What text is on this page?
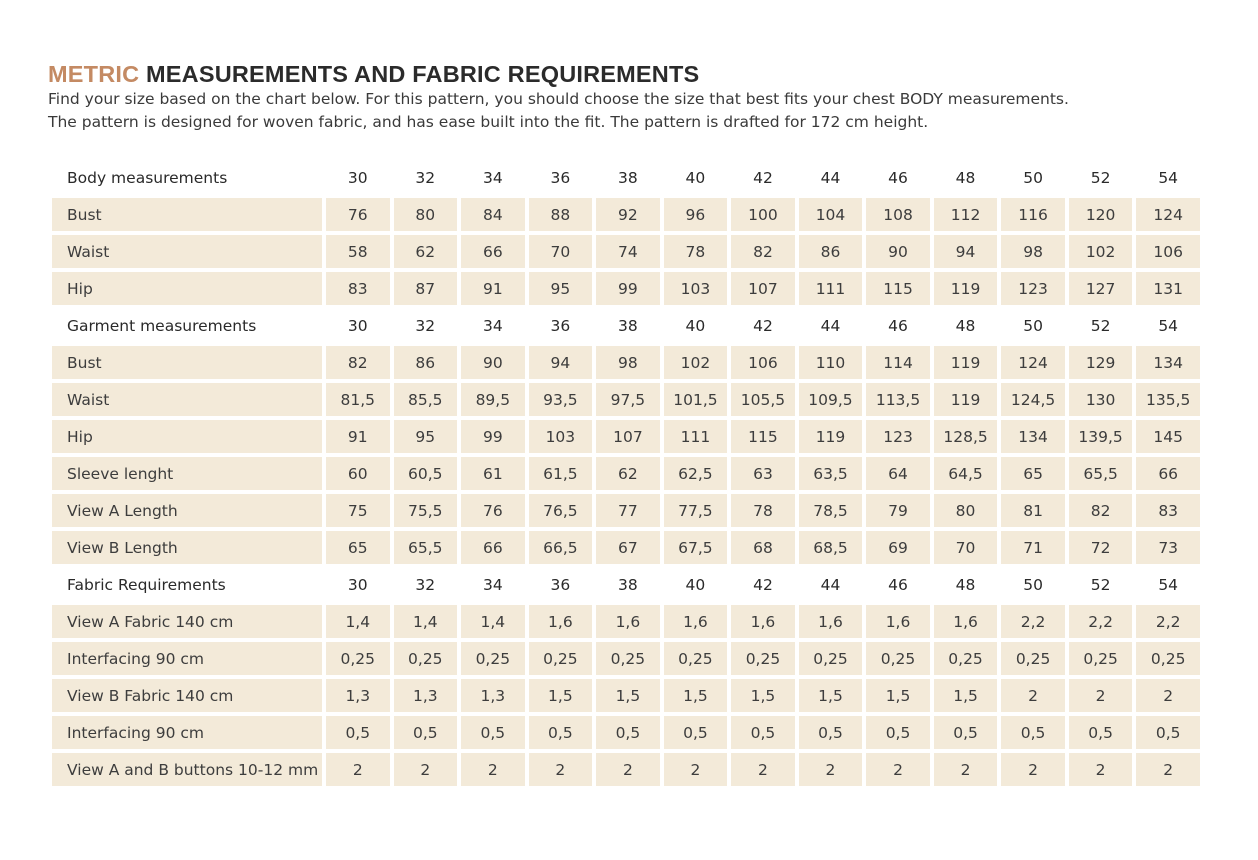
METRIC MEASUREMENTS AND FABRIC REQUIREMENTS

Find your size based on the chart below. For this pattern, you should choose the size that best fits your chest BODY measurements.

The pattern is designed for woven fabric, and has ease built into the fit. The pattern is drafted for 172 cm height.

Body measurements	30	32	34	36	38	40	42	44	46	48	50	52	54
Bust	76	80	84	88	92	96	100	104	108	112	116	120	124
Waist	58	62	66	70	74	78	82	86	90	94	98	102	106
Hip	83	87	91	95	99	103	107	111	115	119	123	127	131
Garment measurements	30	32	34	36	38	40	42	44	46	48	50	52	54
Bust	82	86	90	94	98	102	106	110	114	119	124	129	134
Waist	81,5	85,5	89,5	93,5	97,5	101,5	105,5	109,5	113,5	119	124,5	130	135,5
Hip	91	95	99	103	107	111	115	119	123	128,5	134	139,5	145
Sleeve lenght	60	60,5	61	61,5	62	62,5	63	63,5	64	64,5	65	65,5	66
View A Length	75	75,5	76	76,5	77	77,5	78	78,5	79	80	81	82	83
View B Length	65	65,5	66	66,5	67	67,5	68	68,5	69	70	71	72	73
Fabric Requirements	30	32	34	36	38	40	42	44	46	48	50	52	54
View A Fabric 140 cm	1,4	1,4	1,4	1,6	1,6	1,6	1,6	1,6	1,6	1,6	2,2	2,2	2,2
Interfacing 90 cm	0,25	0,25	0,25	0,25	0,25	0,25	0,25	0,25	0,25	0,25	0,25	0,25	0,25
View B Fabric 140 cm	1,3	1,3	1,3	1,5	1,5	1,5	1,5	1,5	1,5	1,5	2	2	2
Interfacing 90 cm	0,5	0,5	0,5	0,5	0,5	0,5	0,5	0,5	0,5	0,5	0,5	0,5	0,5
View A and B buttons 10-12 mm	2	2	2	2	2	2	2	2	2	2	2	2	2
